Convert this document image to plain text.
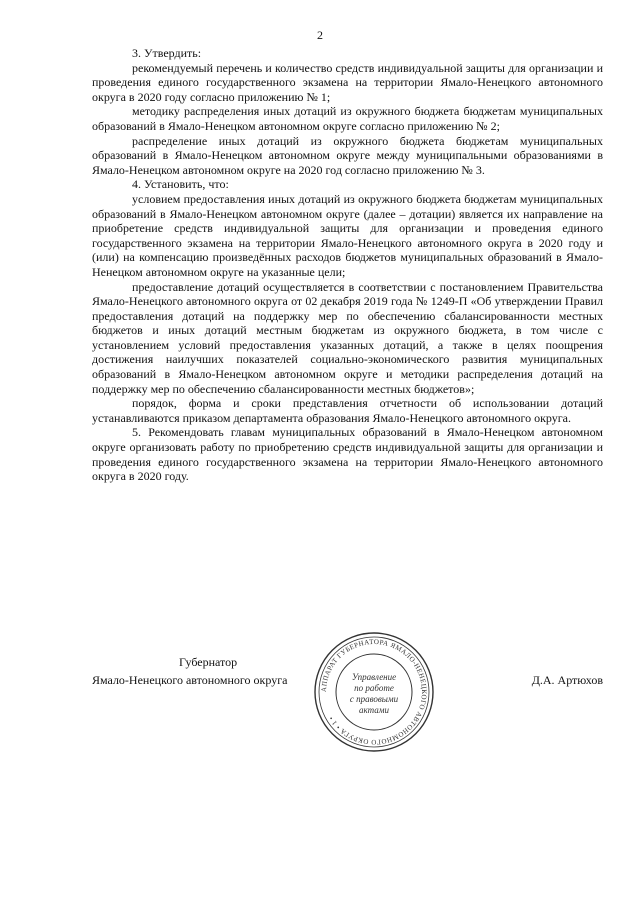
2

3. Утвердить:

рекомендуемый перечень и количество средств индивидуальной защиты для организации и проведения единого государственного экзамена на территории Ямало-Ненецкого автономного округа в 2020 году согласно приложению № 1;

методику распределения иных дотаций из окружного бюджета бюджетам муниципальных образований в Ямало-Ненецком автономном округе согласно приложению № 2;

распределение иных дотаций из окружного бюджета бюджетам муниципальных образований в Ямало-Ненецком автономном округе между муниципальными образованиями в Ямало-Ненецком автономном округе на 2020 год согласно приложению № 3.

4. Установить, что:

условием предоставления иных дотаций из окружного бюджета бюджетам муниципальных образований в Ямало-Ненецком автономном округе (далее – дотации) является их направление на приобретение средств индивидуальной защиты для организации и проведения единого государственного экзамена на территории Ямало-Ненецкого автономного округа в 2020 году и (или) на компенсацию произведённых расходов бюджетов муниципальных образований в Ямало-Ненецком автономном округе на указанные цели;

предоставление дотаций осуществляется в соответствии с постановлением Правительства Ямало-Ненецкого автономного округа от 02 декабря 2019 года № 1249-П «Об утверждении Правил предоставления дотаций на поддержку мер по обеспечению сбалансированности местных бюджетов и иных дотаций местным бюджетам из окружного бюджета, в том числе с установлением условий предоставления указанных дотаций, а также в целях поощрения достижения наилучших показателей социально-экономического развития муниципальных образований в Ямало-Ненецком автономном округе и методики распределения дотаций на поддержку мер по обеспечению сбалансированности местных бюджетов»;

порядок, форма и сроки представления отчетности об использовании дотаций устанавливаются приказом департамента образования Ямало-Ненецкого автономного округа.

5. Рекомендовать главам муниципальных образований в Ямало-Ненецком автономном округе организовать работу по приобретению средств индивидуальной защиты для организации и проведения единого государственного экзамена на территории Ямало-Ненецкого автономного округа в 2020 году.

Губернатор
Ямало-Ненецкого автономного округа	Д.А. Артюхов
АППАРАТ ГУБЕРНАТОРА ЯМАЛО-НЕНЕЦКОГО АВТОНОМНОГО ОКРУГА • 1 •
Управление
по работе
с правовыми
актами
